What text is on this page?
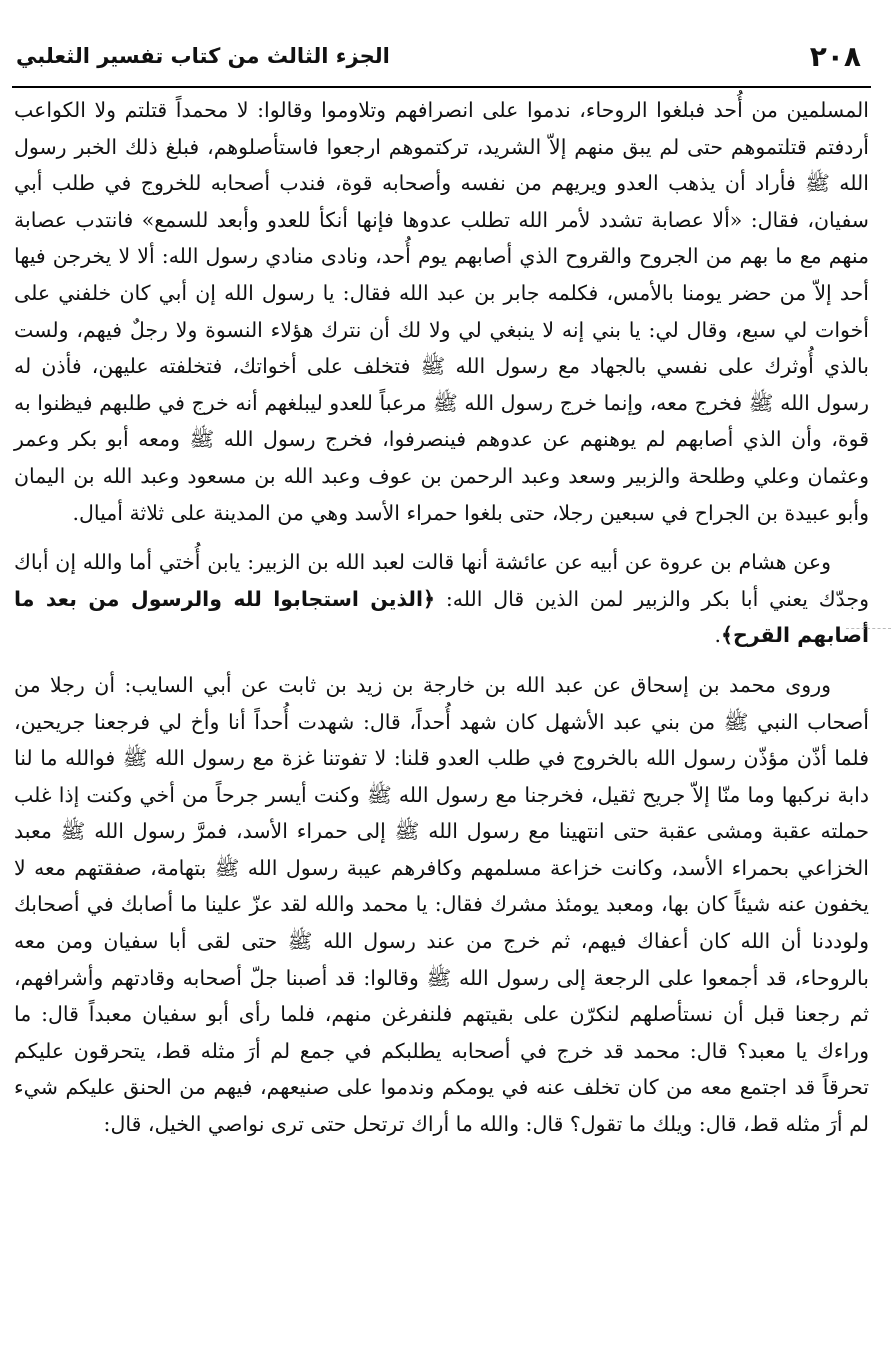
٢٠٨
الجزء الثالث من كتاب تفسير الثعلبي

المسلمين من أُحد فبلغوا الروحاء، ندموا على انصرافهم وتلاوموا وقالوا: لا محمداً قتلتم ولا الكواعب أردفتم قتلتموهم حتى لم يبق منهم إلاّ الشريد، تركتموهم ارجعوا فاستأصلوهم، فبلغ ذلك الخبر رسول الله ﷺ فأراد أن يذهب العدو ويريهم من نفسه وأصحابه قوة، فندب أصحابه للخروج في طلب أبي سفيان، فقال: «ألا عصابة تشدد لأمر الله تطلب عدوها فإنها أنكأ للعدو وأبعد للسمع» فانتدب عصابة منهم مع ما بهم من الجروح والقروح الذي أصابهم يوم أُحد، ونادى منادي رسول الله: ألا لا يخرجن فيها أحد إلاّ من حضر يومنا بالأمس، فكلمه جابر بن عبد الله فقال: يا رسول الله إن أبي كان خلفني على أخوات لي سبع، وقال لي: يا بني إنه لا ينبغي لي ولا لك أن نترك هؤلاء النسوة ولا رجلٌ فيهم، ولست بالذي أُوثرك على نفسي بالجهاد مع رسول الله ﷺ فتخلف على أخواتك، فتخلفته عليهن، فأذن له رسول الله ﷺ فخرج معه، وإنما خرج رسول الله ﷺ مرعباً للعدو ليبلغهم أنه خرج في طلبهم فيظنوا به قوة، وأن الذي أصابهم لم يوهنهم عن عدوهم فينصرفوا، فخرج رسول الله ﷺ ومعه أبو بكر وعمر وعثمان وعلي وطلحة والزبير وسعد وعبد الرحمن بن عوف وعبد الله بن مسعود وعبد الله بن اليمان وأبو عبيدة بن الجراح في سبعين رجلا، حتى بلغوا حمراء الأسد وهي من المدينة على ثلاثة أميال.

وعن هشام بن عروة عن أبيه عن عائشة أنها قالت لعبد الله بن الزبير: يابن أُختي أما والله إن أباك وجدّك يعني أبا بكر والزبير لمن الذين قال الله: ﴿الذين استجابوا لله والرسول من بعد ما أصابهم القرح﴾.

وروى محمد بن إسحاق عن عبد الله بن خارجة بن زيد بن ثابت عن أبي السايب: أن رجلا من أصحاب النبي ﷺ من بني عبد الأشهل كان شهد أُحداً، قال: شهدت أُحداً أنا وأخ لي فرجعنا جريحين، فلما أذّن مؤذّن رسول الله بالخروج في طلب العدو قلنا: لا تفوتنا غزة مع رسول الله ﷺ فوالله ما لنا دابة نركبها وما منّا إلاّ جريح ثقيل، فخرجنا مع رسول الله ﷺ وكنت أيسر جرحاً من أخي وكنت إذا غلب حملته عقبة ومشى عقبة حتى انتهينا مع رسول الله ﷺ إلى حمراء الأسد، فمرَّ رسول الله ﷺ معبد الخزاعي بحمراء الأسد، وكانت خزاعة مسلمهم وكافرهم عيبة رسول الله ﷺ بتهامة، صفقتهم معه لا يخفون عنه شيئاً كان بها، ومعبد يومئذ مشرك فقال: يا محمد والله لقد عزّ علينا ما أصابك في أصحابك ولوددنا أن الله كان أعفاك فيهم، ثم خرج من عند رسول الله ﷺ حتى لقى أبا سفيان ومن معه بالروحاء، قد أجمعوا على الرجعة إلى رسول الله ﷺ وقالوا: قد أصبنا جلّ أصحابه وقادتهم وأشرافهم، ثم رجعنا قبل أن نستأصلهم لنكرّن على بقيتهم فلنفرغن منهم، فلما رأى أبو سفيان معبداً قال: ما وراءك يا معبد؟ قال: محمد قد خرج في أصحابه يطلبكم في جمع لم أرَ مثله قط، يتحرقون عليكم تحرقاً قد اجتمع معه من كان تخلف عنه في يومكم وندموا على صنيعهم، فيهم من الحنق عليكم شيء لم أرَ مثله قط، قال: ويلك ما تقول؟ قال: والله ما أراك ترتحل حتى ترى نواصي الخيل، قال:
